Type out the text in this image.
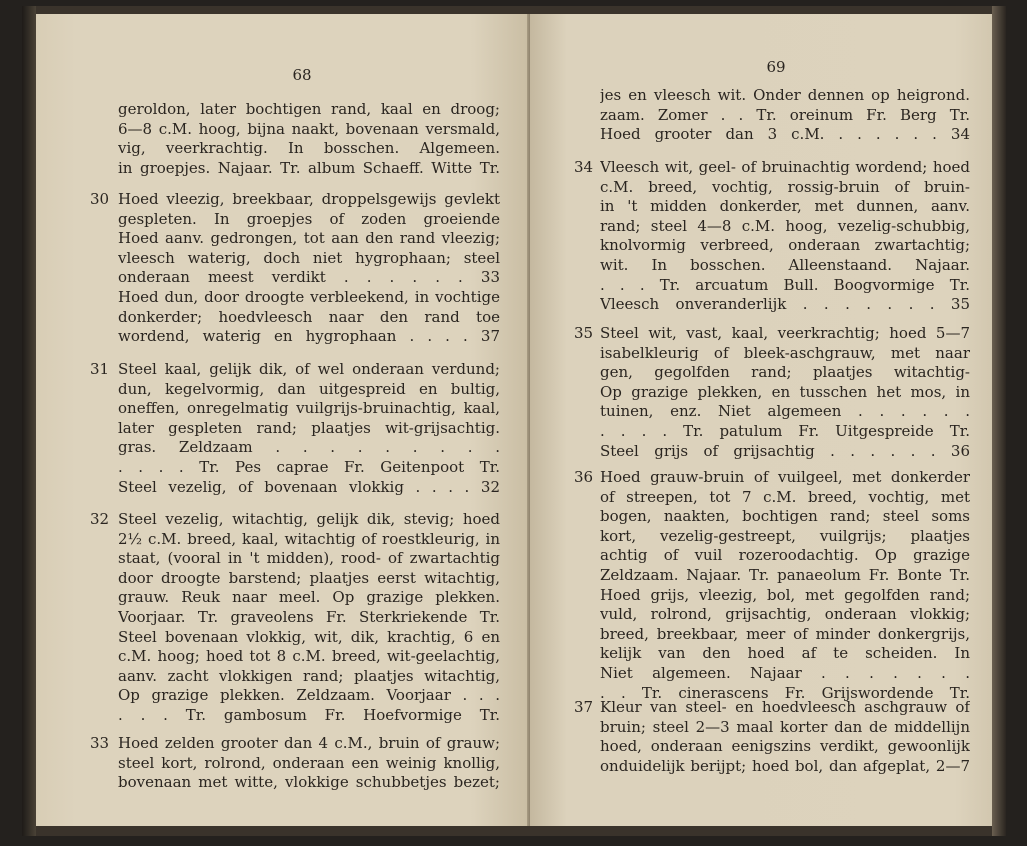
68
geroldon, later bochtigen rand, kaal en droog;
6—8 c.M. hoog, bijna naakt, bovenaan versmald,
vig, veerkrachtig. In bosschen. Algemeen.
in groepjes. Najaar. Tr. album Schaeff. Witte Tr.
Hoed vleezig, breekbaar, droppelsgewijs gevlekt
gespleten. In groepjes of zoden groeiende
Hoed aanv. gedrongen, tot aan den rand vleezig;
vleesch waterig, doch niet hygrophaan; steel
onderaan meest verdikt . . . . . . 33
Hoed dun, door droogte verbleekend, in vochtige
donkerder; hoedvleesch naar den rand toe
wordend, waterig en hygrophaan . . . . 37
30
Steel kaal, gelijk dik, of wel onderaan verdund;
dun, kegelvormig, dan uitgespreid en bultig,
oneffen, onregelmatig vuilgrijs-bruinachtig, kaal,
later gespleten rand; plaatjes wit-grijsachtig.
gras. Zeldzaam . . . . . . . . .
. . . . Tr. Pes caprae Fr. Geitenpoot Tr.
Steel vezelig, of bovenaan vlokkig . . . . 32
31
Steel vezelig, witachtig, gelijk dik, stevig; hoed
2½ c.M. breed, kaal, witachtig of roestkleurig, in
staat, (vooral in 't midden), rood- of zwartachtig
door droogte barstend; plaatjes eerst witachtig,
grauw. Reuk naar meel. Op grazige plekken.
Voorjaar. Tr. graveolens Fr. Sterkriekende Tr.
Steel bovenaan vlokkig, wit, dik, krachtig, 6 en
c.M. hoog; hoed tot 8 c.M. breed, wit-geelachtig,
aanv. zacht vlokkigen rand; plaatjes witachtig,
Op grazige plekken. Zeldzaam. Voorjaar . . .
. . . Tr. gambosum Fr. Hoefvormige Tr.
32
Hoed zelden grooter dan 4 c.M., bruin of grauw;
steel kort, rolrond, onderaan een weinig knollig,
bovenaan met witte, vlokkige schubbetjes bezet;
33
69
jes en vleesch wit. Onder dennen op heigrond.
zaam. Zomer . . Tr. oreinum Fr. Berg Tr.
Hoed grooter dan 3 c.M. . . . . . . 34
Vleesch wit, geel- of bruinachtig wordend; hoed
c.M. breed, vochtig, rossig-bruin of bruin-
in 't midden donkerder, met dunnen, aanv.
rand; steel 4—8 c.M. hoog, vezelig-schubbig,
knolvormig verbreed, onderaan zwartachtig;
wit. In bosschen. Alleenstaand. Najaar.
. . . Tr. arcuatum Bull. Boogvormige Tr.
Vleesch onveranderlijk . . . . . . . 35
34
Steel wit, vast, kaal, veerkrachtig; hoed 5—7
isabelkleurig of bleek-aschgrauw, met naar
gen, gegolfden rand; plaatjes witachtig-
Op grazige plekken, en tusschen het mos, in
tuinen, enz. Niet algemeen . . . . . .
. . . . Tr. patulum Fr. Uitgespreide Tr.
Steel grijs of grijsachtig . . . . . . 36
35
Hoed grauw-bruin of vuilgeel, met donkerder
of streepen, tot 7 c.M. breed, vochtig, met
bogen, naakten, bochtigen rand; steel soms
kort, vezelig-gestreept, vuilgrijs; plaatjes
achtig of vuil rozeroodachtig. Op grazige
Zeldzaam. Najaar. Tr. panaeolum Fr. Bonte Tr.
Hoed grijs, vleezig, bol, met gegolfden rand;
vuld, rolrond, grijsachtig, onderaan vlokkig;
breed, breekbaar, meer of minder donkergrijs,
kelijk van den hoed af te scheiden. In
Niet algemeen. Najaar . . . . . . .
. . Tr. cinerascens Fr. Grijswordende Tr.
36
Kleur van steel- en hoedvleesch aschgrauw of
bruin; steel 2—3 maal korter dan de middellijn
hoed, onderaan eenigszins verdikt, gewoonlijk
onduidelijk berijpt; hoed bol, dan afgeplat, 2—7
37
